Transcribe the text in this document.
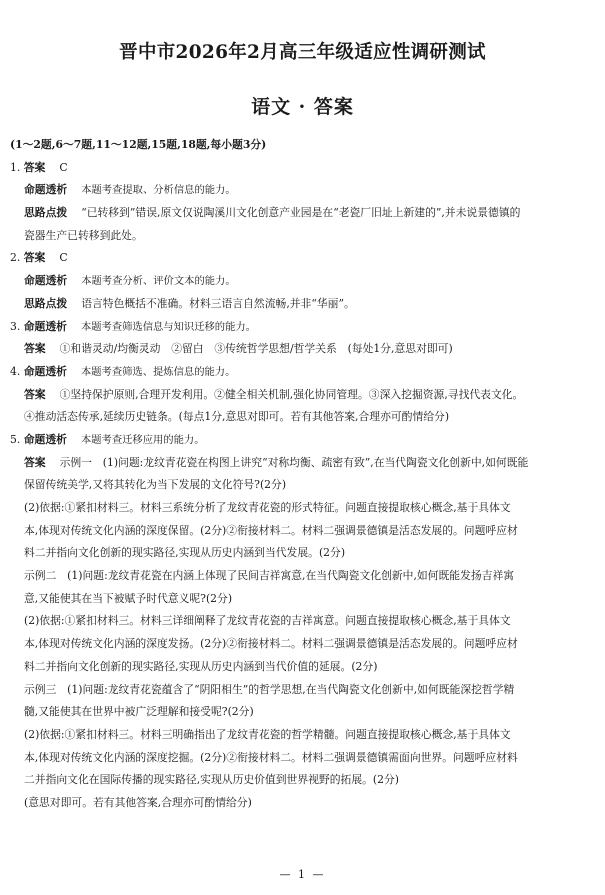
晋中市2026年2月高三年级适应性调研测试
语文 · 答案
(1～2题,6～7题,11～12题,15题,18题,每小题3分)
1. 答案 C
命题透析 本题考查提取、分析信息的能力。
思路点拨 “已转移到”错误,原文仅说陶溪川文化创意产业园是在“老瓷厂旧址上新建的”,并未说景德镇的
瓷器生产已转移到此处。
2. 答案 C
命题透析 本题考查分析、评价文本的能力。
思路点拨 语言特色概括不准确。材料三语言自然流畅,并非“华丽”。
3. 命题透析 本题考查筛选信息与知识迁移的能力。
答案 ①和谐灵动/均衡灵动　②留白　③传统哲学思想/哲学关系　(每处1分,意思对即可)
4. 命题透析 本题考查筛选、提炼信息的能力。
答案 ①坚持保护原则,合理开发利用。②健全相关机制,强化协同管理。③深入挖掘资源,寻找代表文化。
④推动活态传承,延续历史链条。(每点1分,意思对即可。若有其他答案,合理亦可酌情给分)
5. 命题透析 本题考查迁移应用的能力。
答案 示例一　(1)问题:龙纹青花瓷在构图上讲究“对称均衡、疏密有致”,在当代陶瓷文化创新中,如何既能
保留传统美学,又将其转化为当下发展的文化符号?(2分)
(2)依据:①紧扣材料三。材料三系统分析了龙纹青花瓷的形式特征。问题直接提取核心概念,基于具体文
本,体现对传统文化内涵的深度保留。(2分)②衔接材料二。材料二强调景德镇是活态发展的。问题呼应材
料二并指向文化创新的现实路径,实现从历史内涵到当代发展。(2分)
示例二　(1)问题:龙纹青花瓷在内涵上体现了民间吉祥寓意,在当代陶瓷文化创新中,如何既能发扬吉祥寓
意,又能使其在当下被赋予时代意义呢?(2分)
(2)依据:①紧扣材料三。材料三详细阐释了龙纹青花瓷的吉祥寓意。问题直接提取核心概念,基于具体文
本,体现对传统文化内涵的深度发扬。(2分)②衔接材料二。材料二强调景德镇是活态发展的。问题呼应材
料二并指向文化创新的现实路径,实现从历史内涵到当代价值的延展。(2分)
示例三　(1)问题:龙纹青花瓷蕴含了“阴阳相生”的哲学思想,在当代陶瓷文化创新中,如何既能深挖哲学精
髓,又能使其在世界中被广泛理解和接受呢?(2分)
(2)依据:①紧扣材料三。材料三明确指出了龙纹青花瓷的哲学精髓。问题直接提取核心概念,基于具体文
本,体现对传统文化内涵的深度挖掘。(2分)②衔接材料二。材料二强调景德镇需面向世界。问题呼应材料
二并指向文化在国际传播的现实路径,实现从历史价值到世界视野的拓展。(2分)
(意思对即可。若有其他答案,合理亦可酌情给分)
— 1 —
